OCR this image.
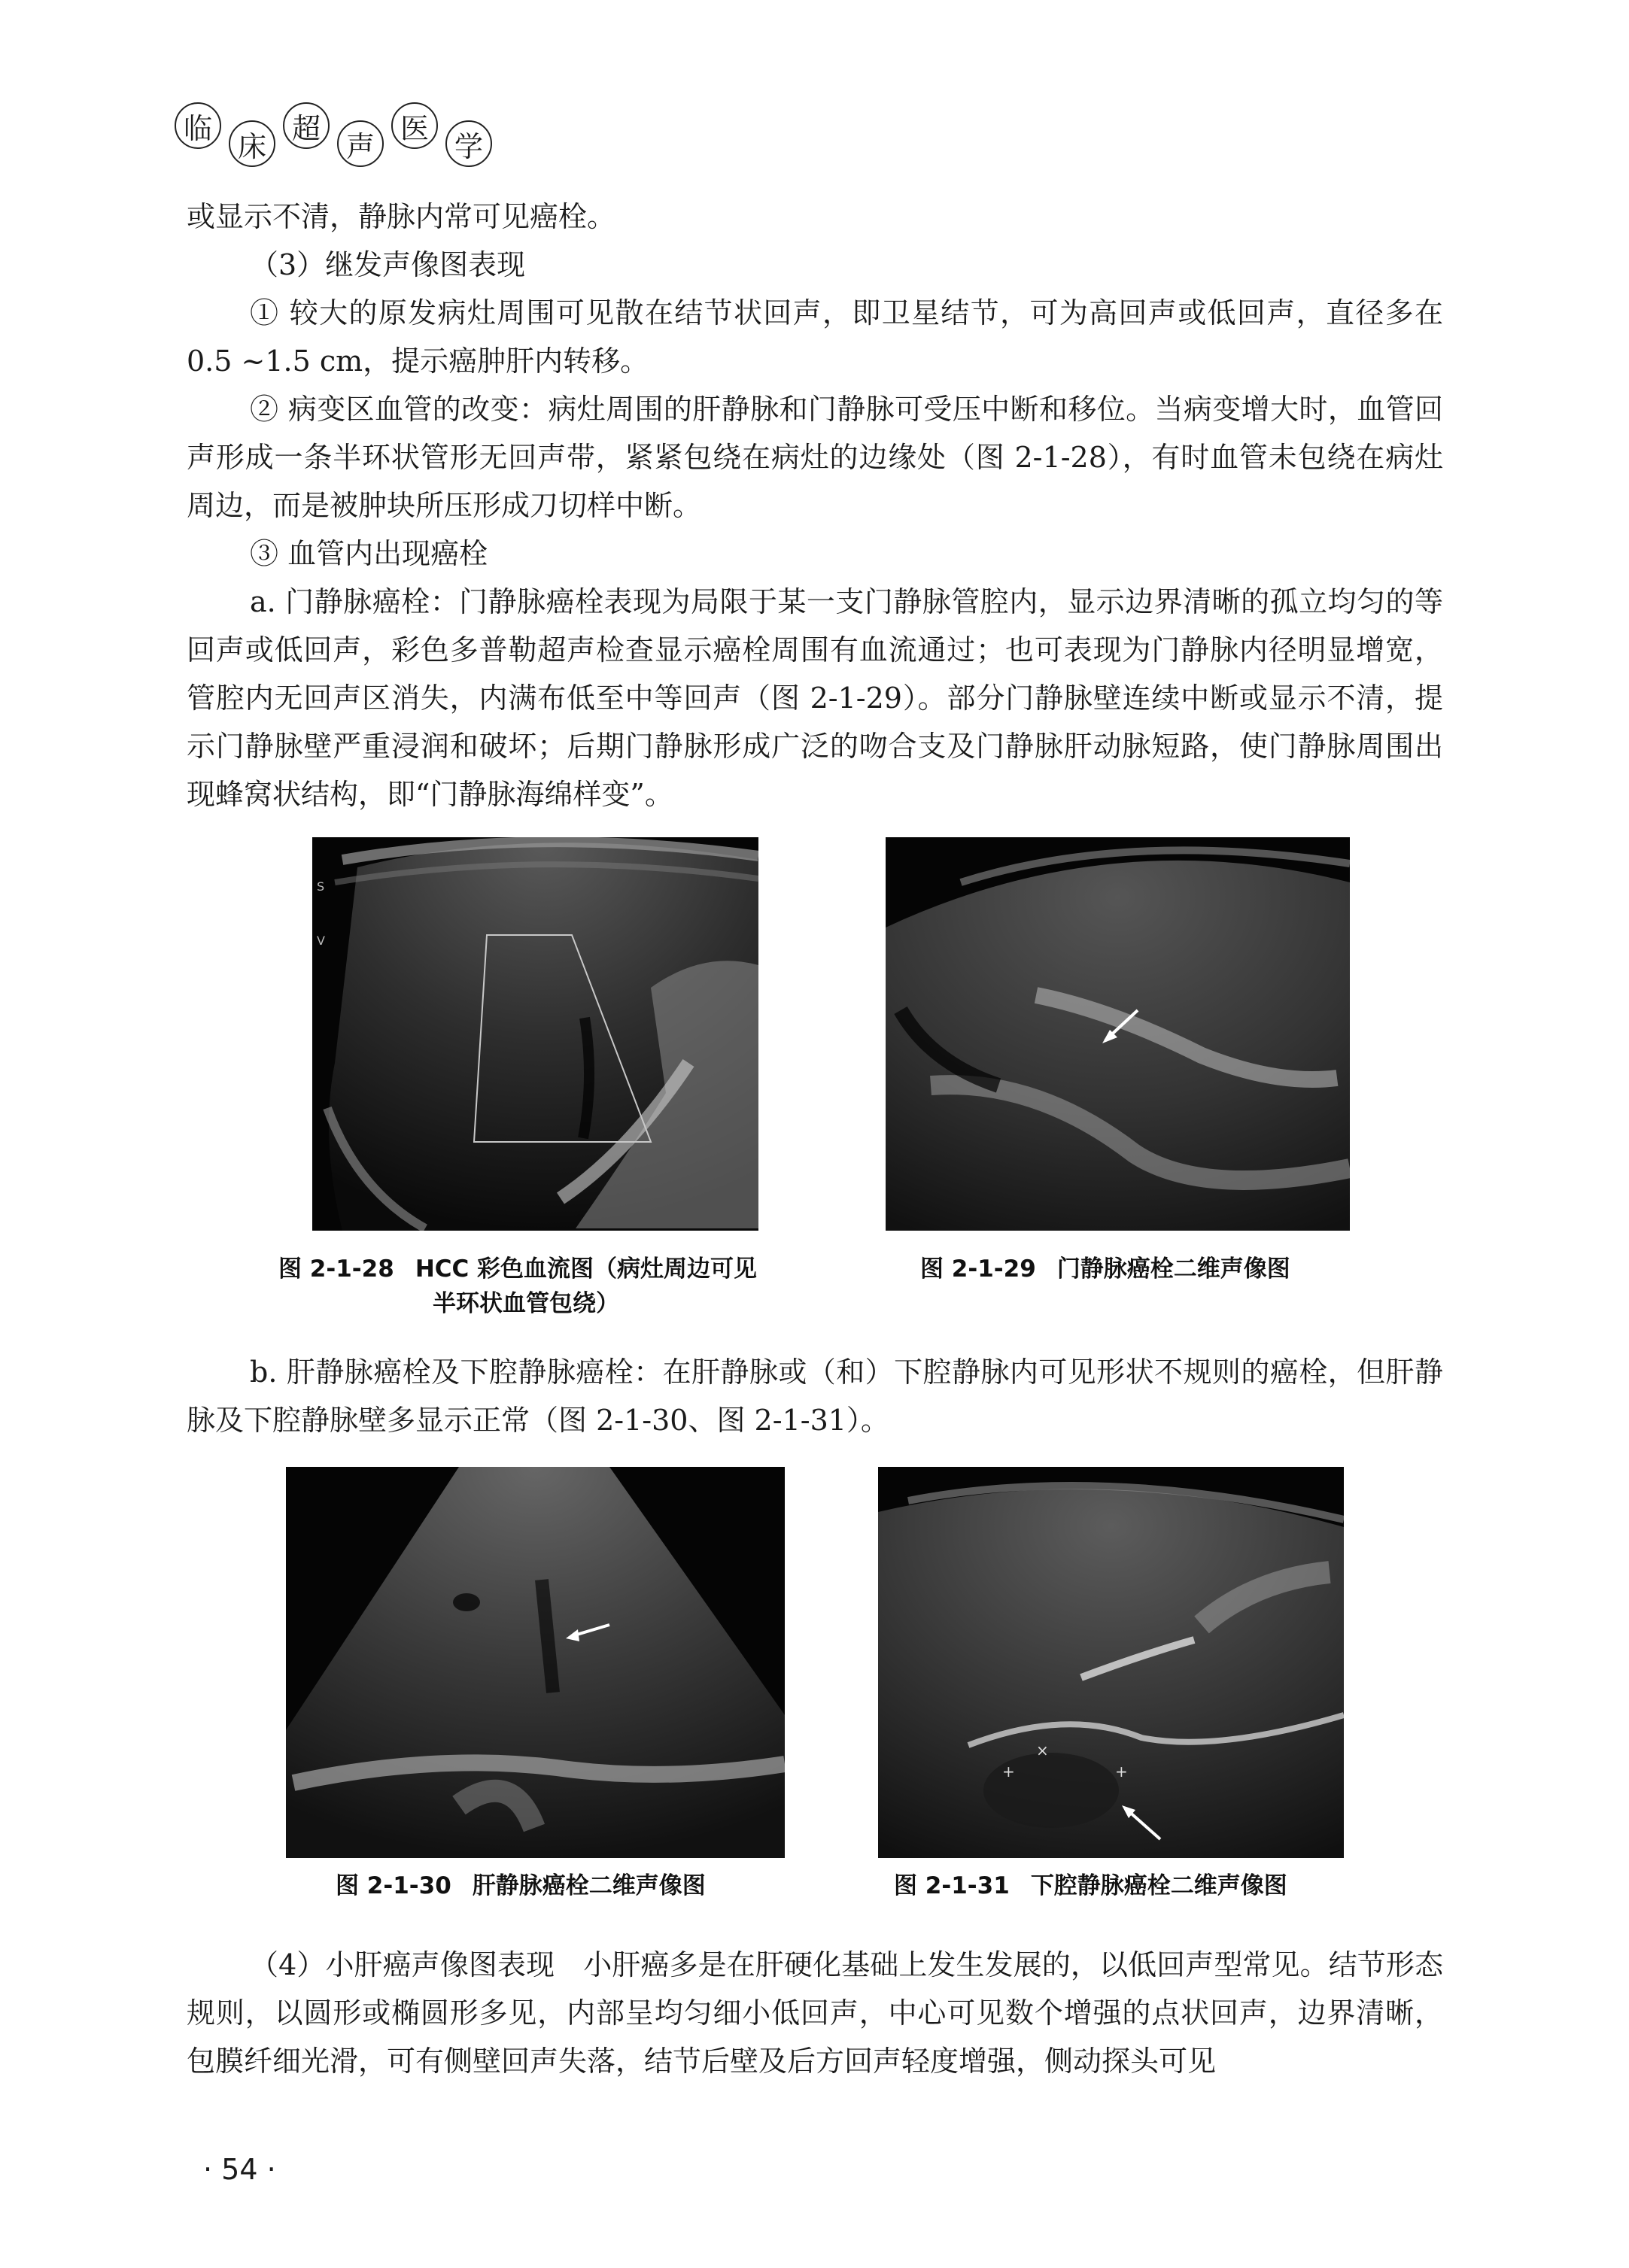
临
床
超
声
医
学

或显示不清，静脉内常可见癌栓。

（3）继发声像图表现

① 较大的原发病灶周围可见散在结节状回声，即卫星结节，可为高回声或低回声，直径多在 0.5 ~1.5 cm，提示癌肿肝内转移。

② 病变区血管的改变：病灶周围的肝静脉和门静脉可受压中断和移位。当病变增大时，血管回声形成一条半环状管形无回声带，紧紧包绕在病灶的边缘处（图 2-1-28），有时血管未包绕在病灶周边，而是被肿块所压形成刀切样中断。

③ 血管内出现癌栓

a. 门静脉癌栓：门静脉癌栓表现为局限于某一支门静脉管腔内，显示边界清晰的孤立均匀的等回声或低回声，彩色多普勒超声检查显示癌栓周围有血流通过；也可表现为门静脉内径明显增宽，管腔内无回声区消失，内满布低至中等回声（图 2-1-29）。部分门静脉壁连续中断或显示不清，提示门静脉壁严重浸润和破坏；后期门静脉形成广泛的吻合支及门静脉肝动脉短路，使门静脉周围出现蜂窝状结构，即“门静脉海绵样变”。

S
V
图 2-1-28 HCC 彩色血流图（病灶周边可见
半环状血管包绕）
图 2-1-29 门静脉癌栓二维声像图

b. 肝静脉癌栓及下腔静脉癌栓：在肝静脉或（和）下腔静脉内可见形状不规则的癌栓，但肝静脉及下腔静脉壁多显示正常（图 2-1-30、图 2-1-31）。

图 2-1-30 肝静脉癌栓二维声像图
×
+	+
图 2-1-31 下腔静脉癌栓二维声像图

（4）小肝癌声像图表现　小肝癌多是在肝硬化基础上发生发展的，以低回声型常见。结节形态规则，以圆形或椭圆形多见，内部呈均匀细小低回声，中心可见数个增强的点状回声，边界清晰，包膜纤细光滑，可有侧壁回声失落，结节后壁及后方回声轻度增强，侧动探头可见

· 54 ·
